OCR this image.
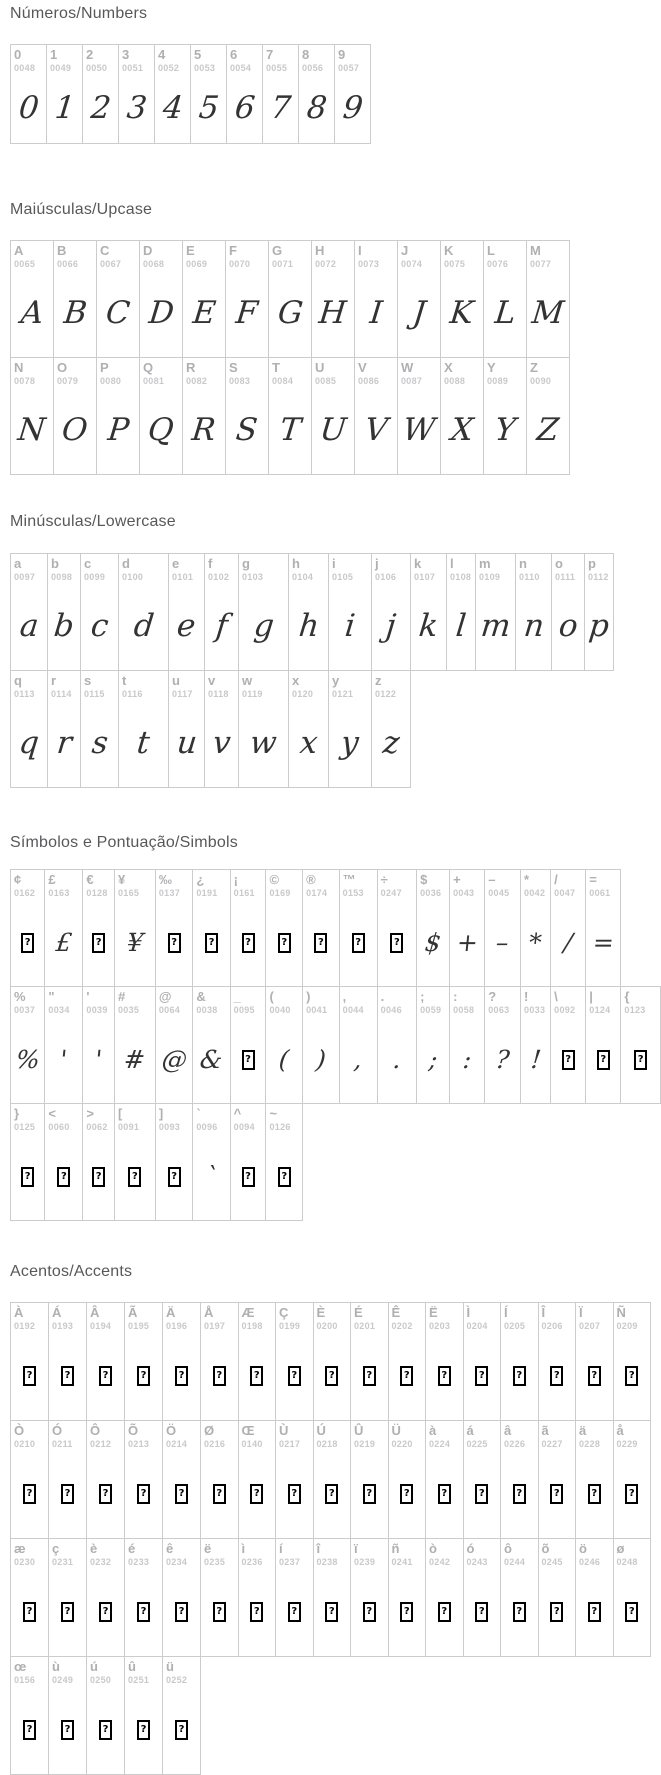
Números/Numbers
0
0048
0

1
0049
1

2
0050
2

3
0051
3

4
0052
4

5
0053
5

6
0054
6

7
0055
7

8
0056
8

9
0057
9
Maiúsculas/Upcase
A
0065
A

B
0066
B

C
0067
C

D
0068
D

E
0069
E

F
0070
F

G
0071
G

H
0072
H

I
0073
I

J
0074
J

K
0075
K

L
0076
L

M
0077
M

N
0078
N

O
0079
O

P
0080
P

Q
0081
Q

R
0082
R

S
0083
S

T
0084
T

U
0085
U

V
0086
V

W
0087
W

X
0088
X

Y
0089
Y

Z
0090
Z
Minúsculas/Lowercase
a
0097
a

b
0098
b

c
0099
c

d
0100
d

e
0101
e

f
0102
f

g
0103
g

h
0104
h

i
0105
i

j
0106
j

k
0107
k

l
0108
l

m
0109
m

n
0110
n

o
0111
o

p
0112
p

q
0113
q

r
0114
r

s
0115
s

t
0116
t

u
0117
u

v
0118
v

w
0119
w

x
0120
x

y
0121
y

z
0122
z
Símbolos e Pontuação/Simbols
¢
0162
?

£
0163
£

€
0128
?

¥
0165
¥

‰
0137
?

¿
0191
?

¡
0161
?

©
0169
?

®
0174
?

™
0153
?

÷
0247
?

$
0036
$

+
0043
+

–
0045
–

*
0042
*

/
0047
/

=
0061
=

%
0037
%

"
0034
'

'
0039
'

#
0035
#

@
0064
@

&
0038
&

_
0095
?

(
0040
(

)
0041
)

,
0044
,

.
0046
.

;
0059
;

:
0058
:

?
0063
?

!
0033
!

\
0092
?

|
0124
?

{
0123
?

}
0125
?

<
0060
?

>
0062
?

[
0091
?

]
0093
?

`
0096
`

^
0094
?

~
0126
?
Acentos/Accents
À
0192
?

Á
0193
?

Â
0194
?

Ã
0195
?

Ä
0196
?

Å
0197
?

Æ
0198
?

Ç
0199
?

È
0200
?

É
0201
?

Ê
0202
?

Ë
0203
?

Ì
0204
?

Í
0205
?

Î
0206
?

Ï
0207
?

Ñ
0209
?

Ò
0210
?

Ó
0211
?

Ô
0212
?

Õ
0213
?

Ö
0214
?

Ø
0216
?

Œ
0140
?

Ù
0217
?

Ú
0218
?

Û
0219
?

Ü
0220
?

à
0224
?

á
0225
?

â
0226
?

ã
0227
?

ä
0228
?

å
0229
?

æ
0230
?

ç
0231
?

è
0232
?

é
0233
?

ê
0234
?

ë
0235
?

ì
0236
?

í
0237
?

î
0238
?

ï
0239
?

ñ
0241
?

ò
0242
?

ó
0243
?

ô
0244
?

õ
0245
?

ö
0246
?

ø
0248
?

œ
0156
?

ù
0249
?

ú
0250
?

û
0251
?

ü
0252
?
